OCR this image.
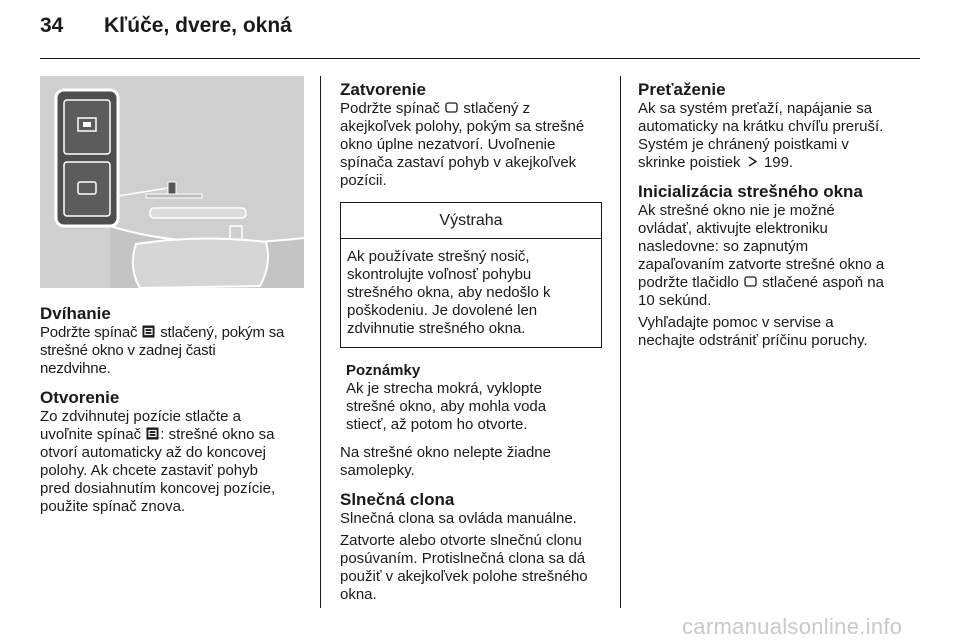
34	Kľúče, dvere, okná
Dvíhanie

Podržte spínač
stlačený, pokým sa
strešné okno v zadnej časti
nezdvihne.

Otvorenie

Zo zdvihnutej pozície stlačte a
uvoľnite spínač
: strešné okno sa
otvorí automaticky až do koncovej
polohy. Ak chcete zastaviť pohyb
pred dosiahnutím koncovej pozície,
použite spínač znova.

Zatvorenie

Podržte spínač
stlačený z
akejkoľvek polohy, pokým sa strešné
okno úplne nezatvorí. Uvoľnenie
spínača zastaví pohyb v akejkoľvek
pozícii.

Výstraha

Ak používate strešný nosič,
skontrolujte voľnosť pohybu
strešného okna, aby nedošlo k
poškodeniu. Je dovolené len
zdvihnutie strešného okna.

Poznámky

Ak je strecha mokrá, vyklopte
strešné okno, aby mohla voda
stiecť, až potom ho otvorte.

Na strešné okno nelepte žiadne
samolepky.

Slnečná clona

Slnečná clona sa ovláda manuálne.

Zatvorte alebo otvorte slnečnú clonu
posúvaním. Protislnečná clona sa dá
použiť v akejkoľvek polohe strešného
okna.

Preťaženie

Ak sa systém preťaží, napájanie sa
automaticky na krátku chvíľu preruší.
Systém je chránený poistkami v
skrinke poistiek
199.

Inicializácia strešného okna

Ak strešné okno nie je možné
ovládať, aktivujte elektroniku
nasledovne: so zapnutým
zapaľovaním zatvorte strešné okno a
podržte tlačidlo
stlačené aspoň na
10 sekúnd.

Vyhľadajte pomoc v servise a
nechajte odstrániť príčinu poruchy.

carmanualsonline.info
